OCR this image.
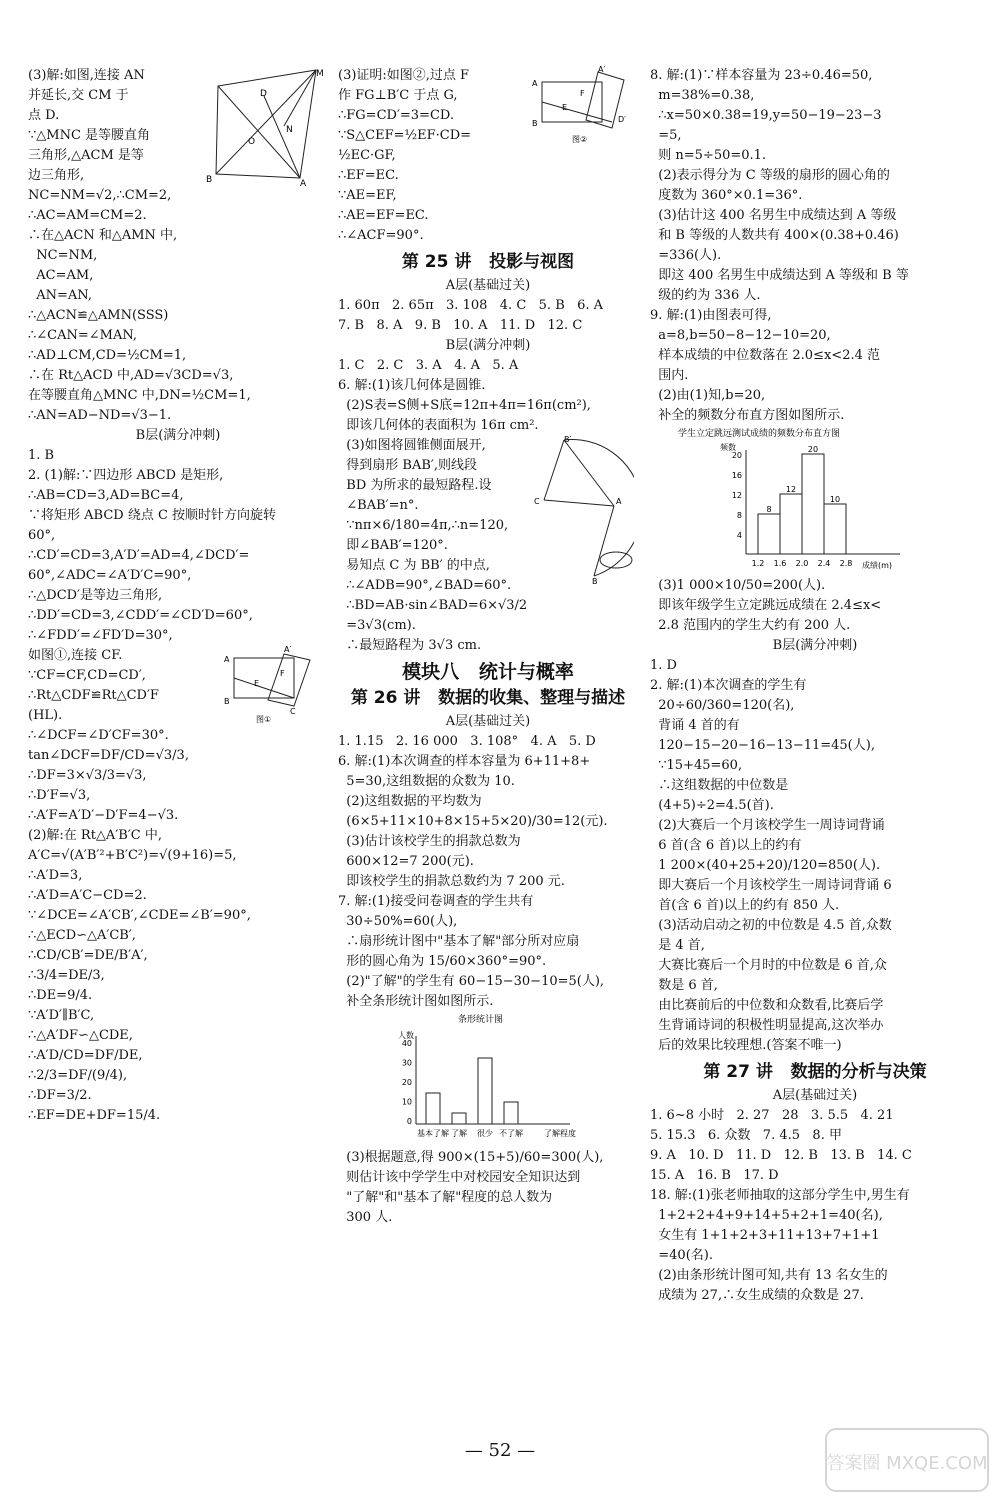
(3)解:如图,连接 AN
并延长,交 CM 于
点 D.
∵△MNC 是等腰直角
三角形,△ACM 是等
边三角形,
M
D
N
O
B	A
NC=NM=√2,∴CM=2,
∴AC=AM=CM=2.
∴在△ACN 和△AMN 中,
NC=NM,
AC=AM,
AN=AN,
∴△ACN≌△AMN(SSS)
∴∠CAN=∠MAN,
∴AD⊥CM,CD=½CM=1,
∴在 Rt△ACD 中,AD=√3CD=√3,
在等腰直角△MNC 中,DN=½CM=1,
∴AN=AD−ND=√3−1.
B层(满分冲刺)
1. B
2. (1)解:∵四边形 ABCD 是矩形,
∴AB=CD=3,AD=BC=4,
∵将矩形 ABCD 绕点 C 按顺时针方向旋转
60°,
∴CD′=CD=3,A′D′=AD=4,∠DCD′=
60°,∠ADC=∠A′D′C=90°,
∴△DCD′是等边三角形,
∴DD′=CD=3,∠CDD′=∠CD′D=60°,
∴∠FDD′=∠FD′D=30°,
如图①,连接 CF.
∵CF=CF,CD=CD′,
∴Rt△CDF≌Rt△CD′F
(HL).
∴∠DCF=∠D′CF=30°.
tan∠DCF=DF/CD=√3/3,
∴DF=3×√3/3=√3,
∴D′F=√3,
∴A′F=A′D′−D′F=4−√3.
(2)解:在 Rt△A′B′C 中,
A′C=√(A′B′²+B′C²)=√(9+16)=5,
∴A′D=3,
∴A′D=A′C−CD=2.
∵∠DCE=∠A′CB′,∠CDE=∠B′=90°,
∴△ECD∽△A′CB′,
∴CD/CB′=DE/B′A′,
∴3/4=DE/3,
∴DE=9/4.
∵A′D′∥B′C,
∴△A′DF∽△CDE,
∴A′D/CD=DF/DE,
∴2/3=DF/(9/4),
∴DF=3/2.
∴EF=DE+DF=15/4.
A
A′
E
F
B
C
图①
(3)证明:如图②,过点 F
作 FG⊥B′C 于点 G,
∴FG=CD′=3=CD.
∵S△CEF=½EF·CD=
½EC·GF,
∴EF=EC.
∵AE=EF,
∴AE=EF=EC.
∴∠ACF=90°.
A
A′
E
F
B	D′
图②
第 25 讲   投影与视图
A层(基础过关)
1. 60π   2. 65π   3. 108   4. C   5. B   6. A
7. B   8. A   9. B   10. A   11. D   12. C
B层(满分冲刺)
1. C   2. C   3. A   4. A   5. A
6. 解:(1)该几何体是圆锥.
(2)S表=S侧+S底=12π+4π=16π(cm²),
即该几何体的表面积为 16π cm².
(3)如图将圆锥侧面展开,
得到扇形 BAB′,则线段
BD 为所求的最短路程.设
∠BAB′=n°.
∵nπ×6/180=4π,∴n=120,
即∠BAB′=120°.
易知点 C 为 BB′ 的中点,
∴∠ADB=90°,∠BAD=60°.
∴BD=AB·sin∠BAD=6×√3/2
=3√3(cm).
∴最短路程为 3√3 cm.
B′
C	A
B
模块八   统计与概率
第 26 讲   数据的收集、整理与描述
A层(基础过关)
1. 1.15   2. 16 000   3. 108°   4. A   5. D
6. 解:(1)本次调查的样本容量为 6+11+8+
5=30,这组数据的众数为 10.
(2)这组数据的平均数为
(6×5+11×10+8×15+5×20)/30=12(元).
(3)估计该校学生的捐款总数为
600×12=7 200(元).
即该校学生的捐款总数约为 7 200 元.
7. 解:(1)接受问卷调查的学生共有
30÷50%=60(人),
∴扇形统计图中"基本了解"部分所对应扇
形的圆心角为 15/60×360°=90°.
(2)"了解"的学生有 60−15−30−10=5(人),
补全条形统计图如图所示.
条形统计图
人数
40
30
20
10
0
基本了解 了解 很少 不了解	了解程度
(3)根据题意,得 900×(15+5)/60=300(人),
则估计该中学学生中对校园安全知识达到
"了解"和"基本了解"程度的总人数为
300 人.
8. 解:(1)∵样本容量为 23÷0.46=50,
m=38%=0.38,
∴x=50×0.38=19,y=50−19−23−3
=5,
则 n=5÷50=0.1.
(2)表示得分为 C 等级的扇形的圆心角的
度数为 360°×0.1=36°.
(3)估计这 400 名男生中成绩达到 A 等级
和 B 等级的人数共有 400×(0.38+0.46)
=336(人).
即这 400 名男生中成绩达到 A 等级和 B 等
级的约为 336 人.
9. 解:(1)由图表可得,
a=8,b=50−8−12−10=20,
样本成绩的中位数落在 2.0≤x<2.4 范
围内.
(2)由(1)知,b=20,
补全的频数分布直方图如图所示.
学生立定跳远测试成绩的频数分布直方图
频数
20
16
12
8
4
8
12
20
10
1.2 1.6 2.0 2.4 2.8 成绩(m)
(3)1 000×10/50=200(人).
即该年级学生立定跳远成绩在 2.4≤x<
2.8 范围内的学生大约有 200 人.
B层(满分冲刺)
1. D
2. 解:(1)本次调查的学生有
20÷60/360=120(名),
背诵 4 首的有
120−15−20−16−13−11=45(人),
∵15+45=60,
∴这组数据的中位数是
(4+5)÷2=4.5(首).
(2)大赛后一个月该校学生一周诗词背诵
6 首(含 6 首)以上的约有
1 200×(40+25+20)/120=850(人).
即大赛后一个月该校学生一周诗词背诵 6
首(含 6 首)以上的约有 850 人.
(3)活动启动之初的中位数是 4.5 首,众数
是 4 首,
大赛比赛后一个月时的中位数是 6 首,众
数是 6 首,
由比赛前后的中位数和众数看,比赛后学
生背诵诗词的积极性明显提高,这次举办
后的效果比较理想.(答案不唯一)
第 27 讲   数据的分析与决策
A层(基础过关)
1. 6~8 小时   2. 27   28   3. 5.5   4. 21
5. 15.3   6. 众数   7. 4.5   8. 甲
9. A   10. D   11. D   12. B   13. B   14. C
15. A   16. B   17. D
18. 解:(1)张老师抽取的这部分学生中,男生有
1+2+2+4+9+14+5+2+1=40(名),
女生有 1+1+2+3+11+13+7+1+1
=40(名).
(2)由条形统计图可知,共有 13 名女生的
成绩为 27,∴女生成绩的众数是 27.
— 52 —
答案圈 MXQE.COM
